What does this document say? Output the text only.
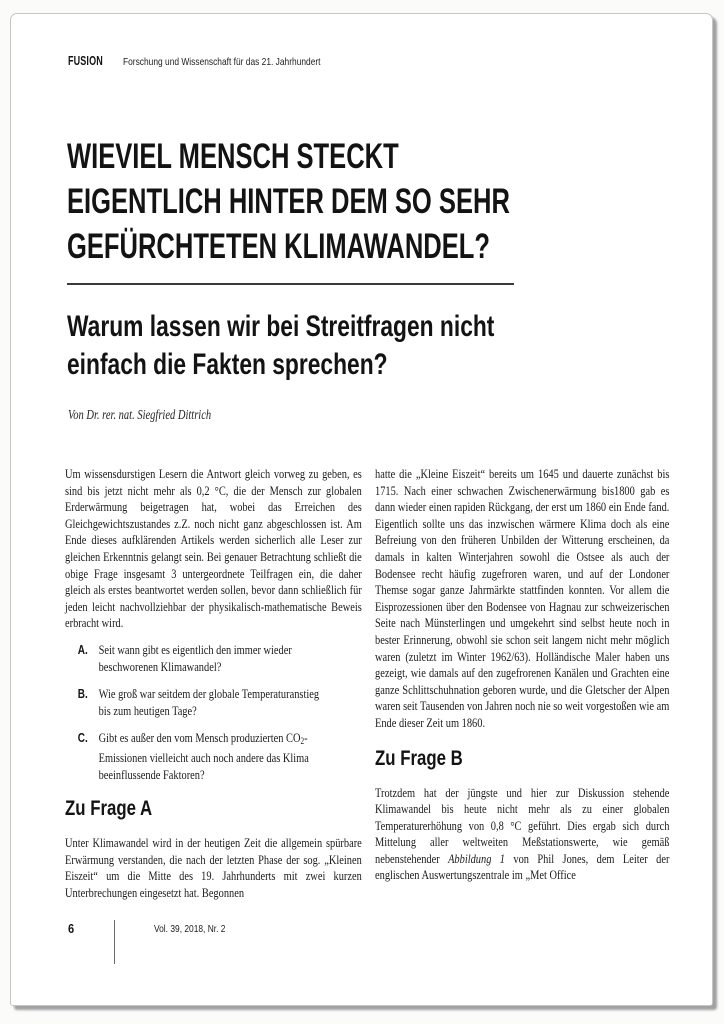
FUSION Forschung und Wissenschaft für das 21. Jahrhundert
WIEVIEL MENSCH STECKT
EIGENTLICH HINTER DEM SO SEHR
GEFÜRCHTETEN KLIMAWANDEL?
Warum lassen wir bei Streitfragen nicht
einfach die Fakten sprechen?
Von Dr. rer. nat. Siegfried Dittrich

Um wissensdurstigen Lesern die Antwort gleich vorweg zu geben, es sind bis jetzt nicht mehr als 0,2 °C, die der Mensch zur globalen Erderwärmung beigetragen hat, wobei das Erreichen des Gleichgewichtszustandes z.Z. noch nicht ganz abgeschlossen ist. Am Ende dieses aufklärenden Artikels werden sicherlich alle Leser zur gleichen Erkenntnis gelangt sein. Bei genauer Betrachtung schließt die obige Frage insgesamt 3 untergeordnete Teilfragen ein, die daher gleich als erstes beantwortet werden sollen, bevor dann schließlich für jeden leicht nachvollziehbar der physikalisch-mathematische Beweis erbracht wird.

A. Seit wann gibt es eigentlich den immer wieder beschworenen Klimawandel?
B. Wie groß war seitdem der globale Temperaturanstieg bis zum heutigen Tage?
C. Gibt es außer den vom Mensch produzierten CO2-Emissionen vielleicht auch noch andere das Klima beeinflussende Faktoren?
Zu Frage A

Unter Klimawandel wird in der heutigen Zeit die allgemein spürbare Erwärmung verstanden, die nach der letzten Phase der sog. „Kleinen Eiszeit“ um die Mitte des 19. Jahrhunderts mit zwei kurzen Unterbrechungen eingesetzt hat. Begonnen

hatte die „Kleine Eiszeit“ bereits um 1645 und dauerte zunächst bis 1715. Nach einer schwachen Zwischenerwärmung bis1800 gab es dann wieder einen rapiden Rückgang, der erst um 1860 ein Ende fand. Eigentlich sollte uns das inzwischen wärmere Klima doch als eine Befreiung von den früheren Unbilden der Witterung erscheinen, da damals in kalten Winterjahren sowohl die Ostsee als auch der Bodensee recht häufig zugefroren waren, und auf der Londoner Themse sogar ganze Jahrmärkte stattfinden konnten. Vor allem die Eisprozessionen über den Bodensee von Hagnau zur schweizerischen Seite nach Münsterlingen und umgekehrt sind selbst heute noch in bester Erinnerung, obwohl sie schon seit langem nicht mehr möglich waren (zuletzt im Winter 1962/63). Holländische Maler haben uns gezeigt, wie damals auf den zugefrorenen Kanälen und Grachten eine ganze Schlittschuhnation geboren wurde, und die Gletscher der Alpen waren seit Tausenden von Jahren noch nie so weit vorgestoßen wie am Ende dieser Zeit um 1860.

Zu Frage B

Trotzdem hat der jüngste und hier zur Diskussion stehende Klimawandel bis heute nicht mehr als zu einer globalen Temperaturerhöhung von 0,8 °C geführt. Dies ergab sich durch Mittelung aller weltweiten Meßstationswerte, wie gemäß nebenstehender Abbildung 1 von Phil Jones, dem Leiter der englischen Auswertungszentrale im „Met Office

6	Vol. 39, 2018, Nr. 2
